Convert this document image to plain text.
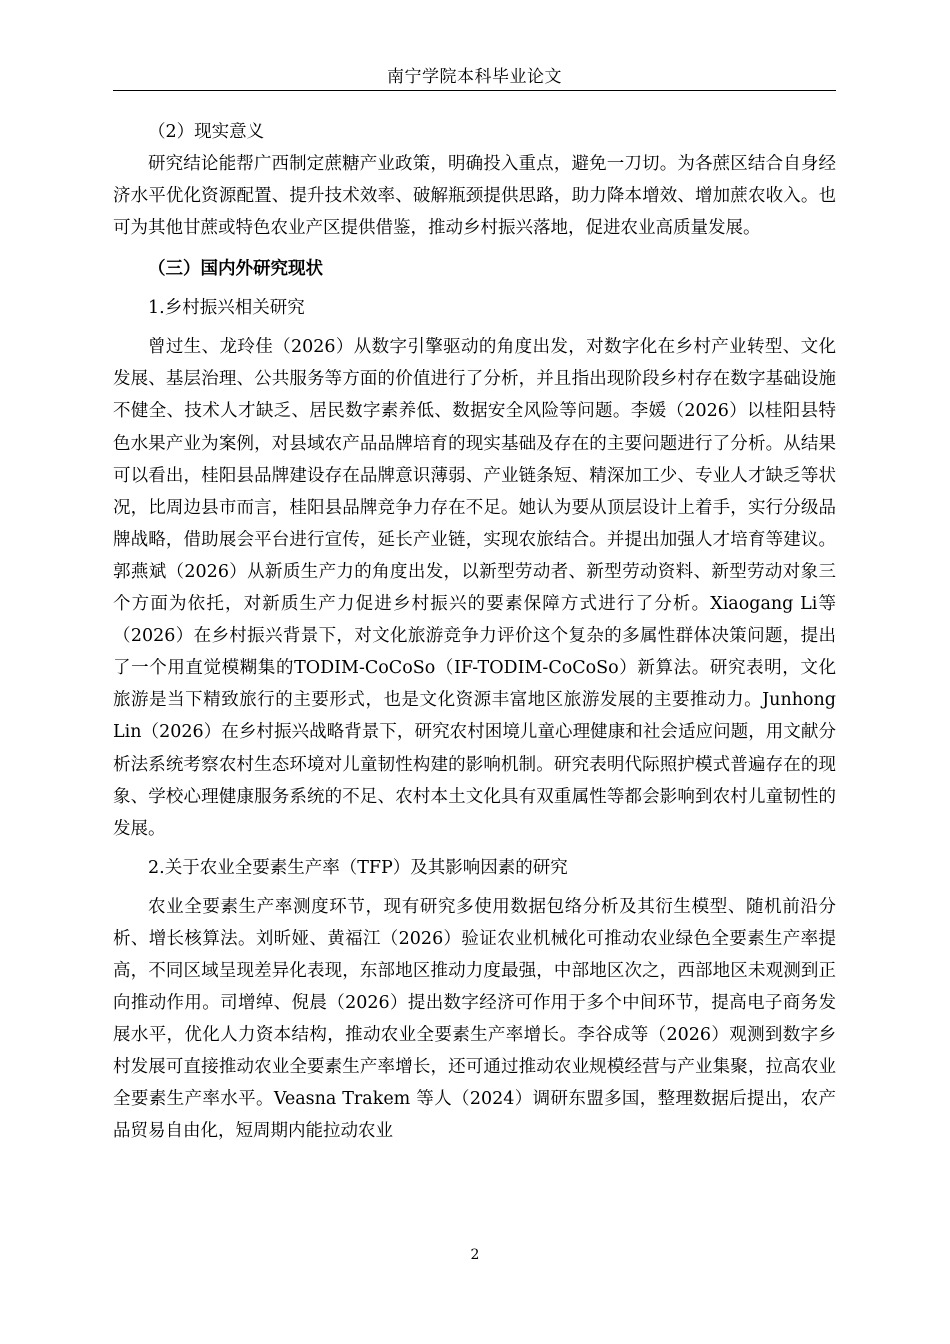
南宁学院本科毕业论文

（2）现实意义

研究结论能帮广西制定蔗糖产业政策，明确投入重点，避免一刀切。为各蔗区结合自身经济水平优化资源配置、提升技术效率、破解瓶颈提供思路，助力降本增效、增加蔗农收入。也可为其他甘蔗或特色农业产区提供借鉴，推动乡村振兴落地，促进农业高质量发展。

（三）国内外研究现状

1.乡村振兴相关研究

曾过生、龙玲佳（2026）从数字引擎驱动的角度出发，对数字化在乡村产业转型、文化发展、基层治理、公共服务等方面的价值进行了分析，并且指出现阶段乡村存在数字基础设施不健全、技术人才缺乏、居民数字素养低、数据安全风险等问题。李媛（2026）以桂阳县特色水果产业为案例，对县域农产品品牌培育的现实基础及存在的主要问题进行了分析。从结果可以看出，桂阳县品牌建设存在品牌意识薄弱、产业链条短、精深加工少、专业人才缺乏等状况，比周边县市而言，桂阳县品牌竞争力存在不足。她认为要从顶层设计上着手，实行分级品牌战略，借助展会平台进行宣传，延长产业链，实现农旅结合。并提出加强人才培育等建议。郭燕斌（2026）从新质生产力的角度出发，以新型劳动者、新型劳动资料、新型劳动对象三个方面为依托，对新质生产力促进乡村振兴的要素保障方式进行了分析。Xiaogang Li等（2026）在乡村振兴背景下，对文化旅游竞争力评价这个复杂的多属性群体决策问题，提出了一个用直觉模糊集的TODIM-CoCoSo（IF-TODIM-CoCoSo）新算法。研究表明，文化旅游是当下精致旅行的主要形式，也是文化资源丰富地区旅游发展的主要推动力。Junhong Lin（2026）在乡村振兴战略背景下，研究农村困境儿童心理健康和社会适应问题，用文献分析法系统考察农村生态环境对儿童韧性构建的影响机制。研究表明代际照护模式普遍存在的现象、学校心理健康服务系统的不足、农村本土文化具有双重属性等都会影响到农村儿童韧性的发展。

2.关于农业全要素生产率（TFP）及其影响因素的研究

农业全要素生产率测度环节，现有研究多使用数据包络分析及其衍生模型、随机前沿分析、增长核算法。刘昕娅、黄福江（2026）验证农业机械化可推动农业绿色全要素生产率提高，不同区域呈现差异化表现，东部地区推动力度最强，中部地区次之，西部地区未观测到正向推动作用。司增绰、倪晨（2026）提出数字经济可作用于多个中间环节，提高电子商务发展水平，优化人力资本结构，推动农业全要素生产率增长。李谷成等（2026）观测到数字乡村发展可直接推动农业全要素生产率增长，还可通过推动农业规模经营与产业集聚，拉高农业全要素生产率水平。Veasna Trakem 等人（2024）调研东盟多国，整理数据后提出，农产品贸易自由化，短周期内能拉动农业

2
